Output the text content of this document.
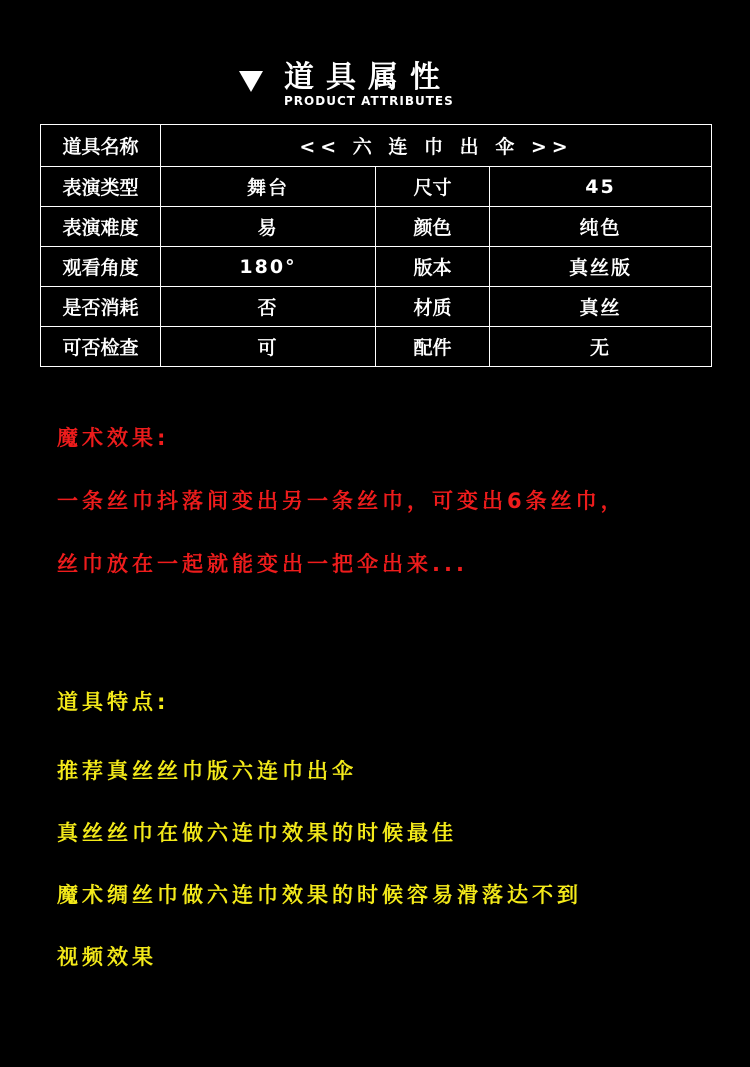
道具属性
PRODUCT ATTRIBUTES
道具名称	<< 六 连 巾 出 伞 >>		
表演类型	舞台	尺寸	45
表演难度	易	颜色	纯色
观看角度	180°	版本	真丝版
是否消耗	否	材质	真丝
可否检查	可	配件	无
魔术效果:
一条丝巾抖落间变出另一条丝巾，可变出6条丝巾，
丝巾放在一起就能变出一把伞出来...
道具特点:
推荐真丝丝巾版六连巾出伞
真丝丝巾在做六连巾效果的时候最佳
魔术绸丝巾做六连巾效果的时候容易滑落达不到
视频效果
